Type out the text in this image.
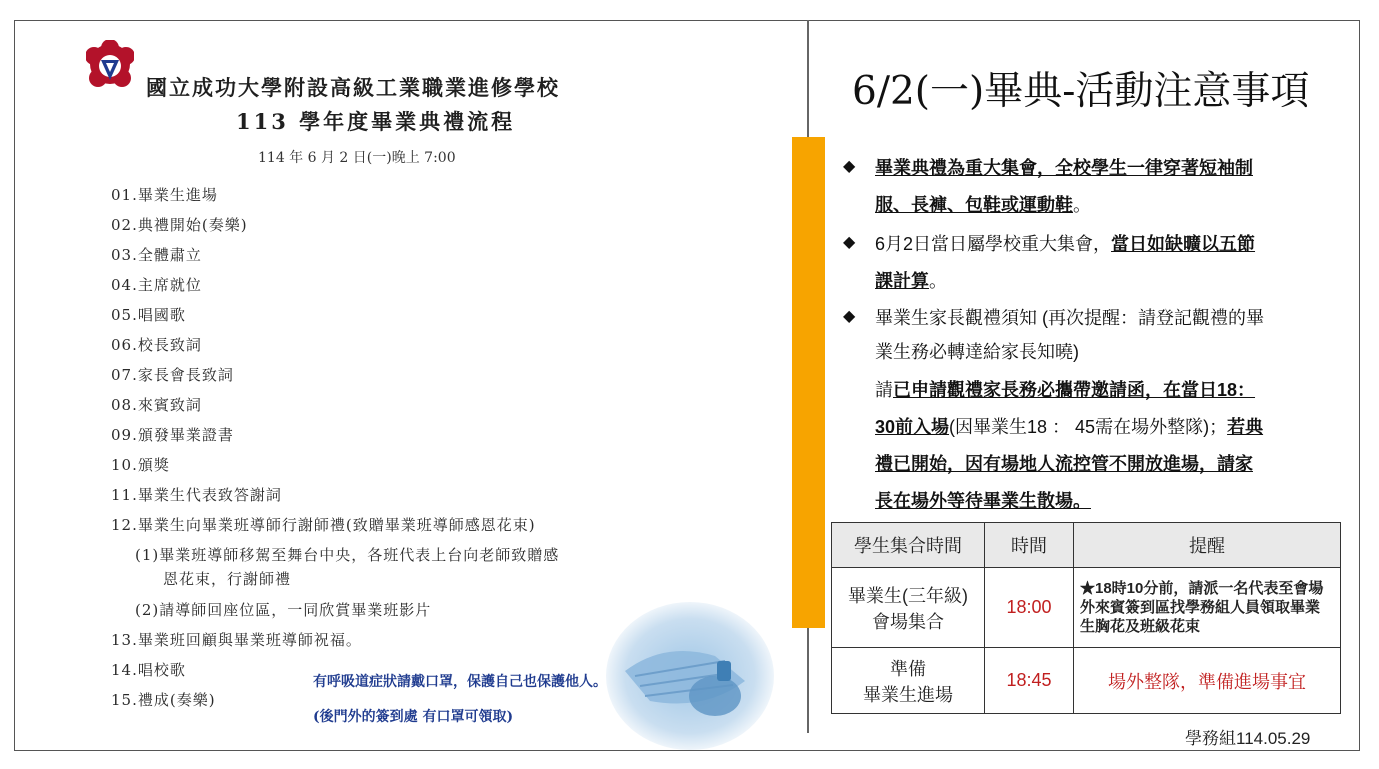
國立成功大學附設高級工業職業進修學校
113 學年度畢業典禮流程
114 年 6 月 2 日(一)晚上 7:00
01.畢業生進場
02.典禮開始(奏樂)
03.全體肅立
04.主席就位
05.唱國歌
06.校長致詞
07.家長會長致詞
08.來賓致詞
09.頒發畢業證書
10.頒獎
11.畢業生代表致答謝詞
12.畢業生向畢業班導師行謝師禮(致贈畢業班導師感恩花束)
(1)畢業班導師移駕至舞台中央，各班代表上台向老師致贈感
恩花束，行謝師禮
(2)請導師回座位區，一同欣賞畢業班影片
13.畢業班回顧與畢業班導師祝福。
14.唱校歌
15.禮成(奏樂)
有呼吸道症狀請戴口罩，保護自己也保護他人。
(後門外的簽到處 有口罩可領取)
6/2(一)畢典-活動注意事項
◆ 畢業典禮為重大集會，全校學生一律穿著短袖制
服、長褲、包鞋或運動鞋。
◆ 6月2日當日屬學校重大集會，當日如缺曠以五節
課計算。
◆ 畢業生家長觀禮須知 (再次提醒：請登記觀禮的畢
業生務必轉達給家長知曉)
請已申請觀禮家長務必攜帶邀請函，在當日18：
30前入場(因畢業生18 ： 45需在場外整隊)；若典
禮已開始，因有場地人流控管不開放進場，請家
長在場外等待畢業生散場。
學生集合時間	時間	提醒

畢業生(三年級)
會場集合	18:00	★18時10分前，請派一名代表至會場外來賓簽到區找學務組人員領取畢業生胸花及班級花束

準備
畢業生進場	18:45	場外整隊，準備進場事宜
學務組114.05.29
